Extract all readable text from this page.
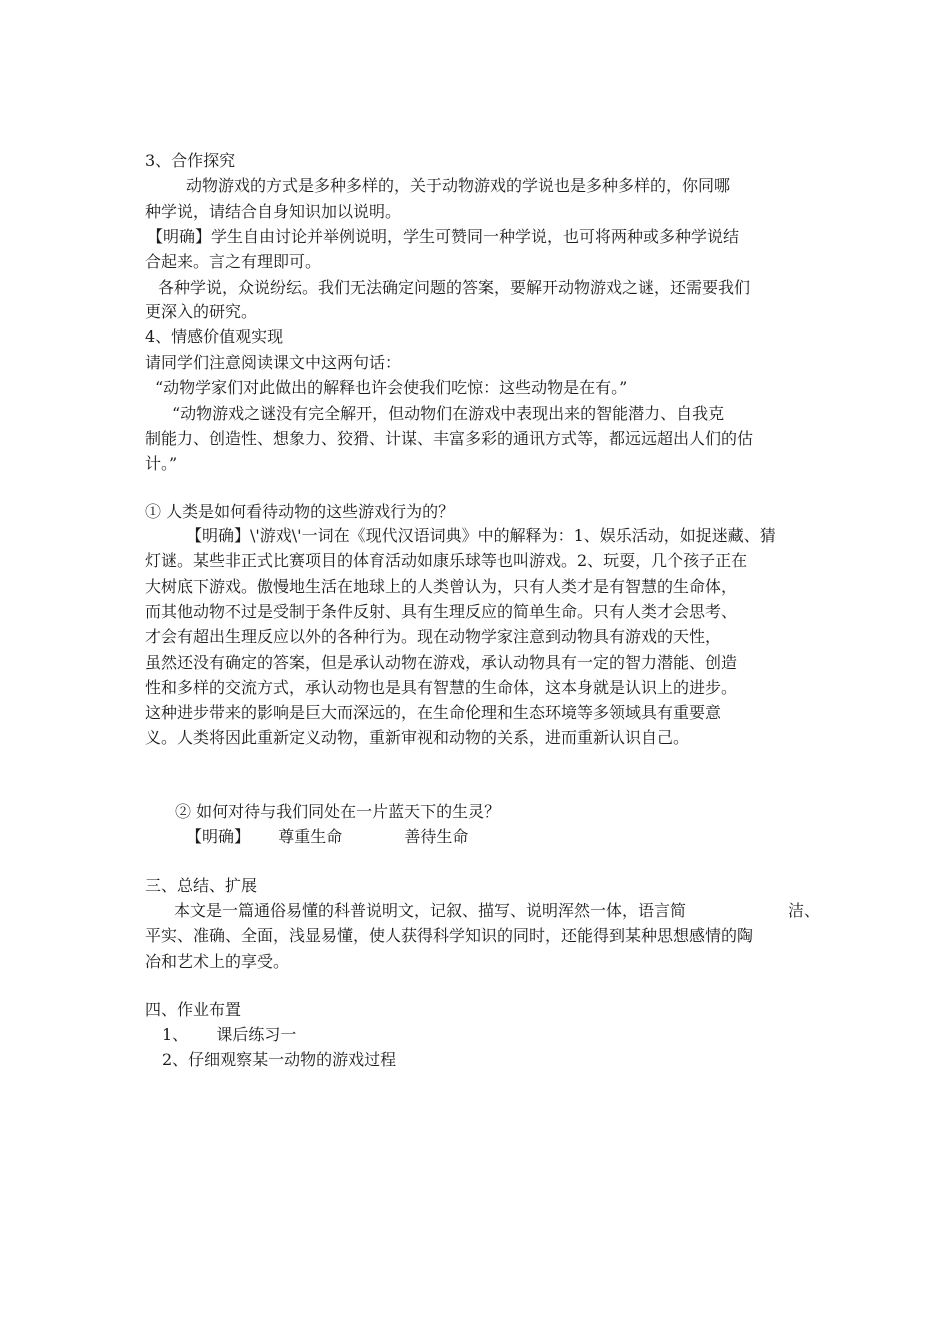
3、合作探究
动物游戏的方式是多种多样的，关于动物游戏的学说也是多种多样的，你同哪
种学说，请结合自身知识加以说明。
【明确】学生自由讨论并举例说明，学生可赞同一种学说，也可将两种或多种学说结
合起来。言之有理即可。
各种学说，众说纷纭。我们无法确定问题的答案，要解开动物游戏之谜，还需要我们
更深入的研究。
4、情感价值观实现
请同学们注意阅读课文中这两句话：
“动物学家们对此做出的解释也许会使我们吃惊：这些动物是在有。”
“动物游戏之谜没有完全解开，但动物们在游戏中表现出来的智能潜力、自我克
制能力、创造性、想象力、狡猾、计谋、丰富多彩的通讯方式等，都远远超出人们的估
计。”
① 人类是如何看待动物的这些游戏行为的？
【明确】\'游戏\'一词在《现代汉语词典》中的解释为：1、娱乐活动，如捉迷藏、猜
灯谜。某些非正式比赛项目的体育活动如康乐球等也叫游戏。2、玩耍，几个孩子正在
大树底下游戏。傲慢地生活在地球上的人类曾认为，只有人类才是有智慧的生命体，
而其他动物不过是受制于条件反射、具有生理反应的简单生命。只有人类才会思考、
才会有超出生理反应以外的各种行为。现在动物学家注意到动物具有游戏的天性，
虽然还没有确定的答案，但是承认动物在游戏，承认动物具有一定的智力潜能、创造
性和多样的交流方式，承认动物也是具有智慧的生命体，这本身就是认识上的进步。
这种进步带来的影响是巨大而深远的，在生命伦理和生态环境等多领域具有重要意
义。人类将因此重新定义动物，重新审视和动物的关系，进而重新认识自己。
② 如何对待与我们同处在一片蓝天下的生灵？
【明确】 尊重生命	善待生命
三、总结、扩展
本文是一篇通俗易懂的科普说明文，记叙、描写、说明浑然一体，语言简	洁、
平实、准确、全面，浅显易懂，使人获得科学知识的同时，还能得到某种思想感情的陶
冶和艺术上的享受。
四、作业布置
1、 课后练习一
2、仔细观察某一动物的游戏过程
